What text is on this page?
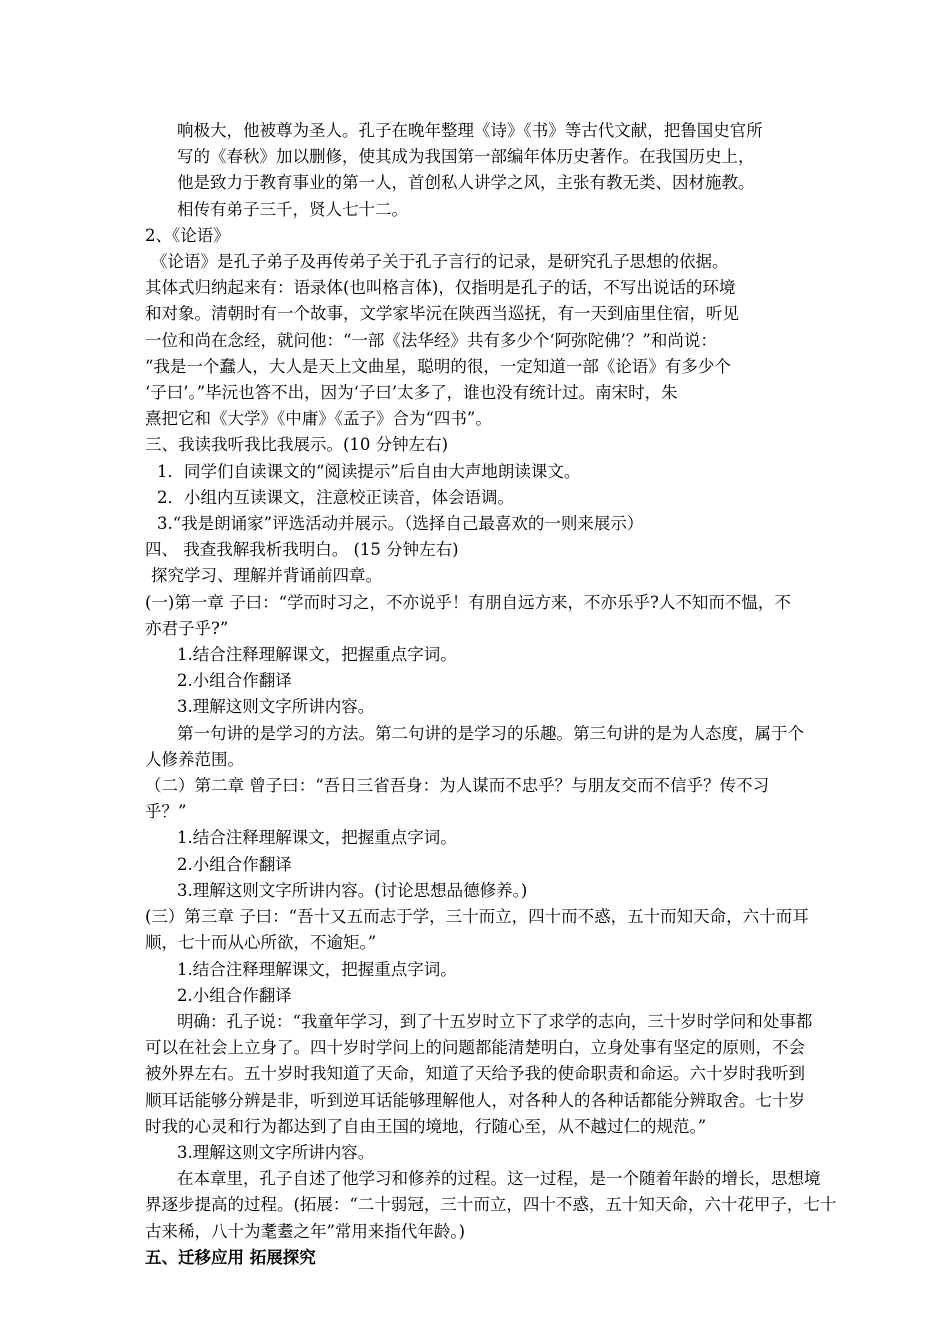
响极大，他被尊为圣人。孔子在晚年整理《诗》《书》等古代文献，把鲁国史官所

写的《春秋》加以删修，使其成为我国第一部编年体历史著作。在我国历史上，

他是致力于教育事业的第一人，首创私人讲学之风，主张有教无类、因材施教。

相传有弟子三千，贤人七十二。

2、《论语》

《论语》是孔子弟子及再传弟子关于孔子言行的记录，是研究孔子思想的依据。

其体式归纳起来有：语录体(也叫格言体)，仅指明是孔子的话，不写出说话的环境

和对象。清朝时有一个故事，文学家毕沅在陕西当巡抚，有一天到庙里住宿，听见

一位和尚在念经，就问他：“一部《法华经》共有多少个‘阿弥陀佛’？”和尚说：

“我是一个蠢人，大人是天上文曲星，聪明的很，一定知道一部《论语》有多少个

‘子曰’。”毕沅也答不出，因为‘子曰’太多了，谁也没有统计过。南宋时，朱

熹把它和《大学》《中庸》《孟子》合为“四书”。

三、我读我听我比我展示。(10 分钟左右)

1．同学们自读课文的“阅读提示”后自由大声地朗读课文。

2．小组内互读课文，注意校正读音，体会语调。

3.“我是朗诵家”评选活动并展示。（选择自己最喜欢的一则来展示）

四、 我查我解我析我明白。 (15 分钟左右)

探究学习、理解并背诵前四章。

(一)第一章 子曰：“学而时习之，不亦说乎！有朋自远方来，不亦乐乎?人不知而不愠，不

亦君子乎?”

1.结合注释理解课文，把握重点字词。

2.小组合作翻译

3.理解这则文字所讲内容。

第一句讲的是学习的方法。第二句讲的是学习的乐趣。第三句讲的是为人态度，属于个

人修养范围。

（二）第二章 曾子曰：“吾日三省吾身：为人谋而不忠乎？与朋友交而不信乎？传不习

乎？”

1.结合注释理解课文，把握重点字词。

2.小组合作翻译

3.理解这则文字所讲内容。(讨论思想品德修养。)

(三）第三章 子曰：“吾十又五而志于学，三十而立，四十而不惑，五十而知天命，六十而耳

顺，七十而从心所欲，不逾矩。”

1.结合注释理解课文，把握重点字词。

2.小组合作翻译

明确：孔子说：“我童年学习，到了十五岁时立下了求学的志向，三十岁时学问和处事都

可以在社会上立身了。四十岁时学问上的问题都能清楚明白，立身处事有坚定的原则，不会

被外界左右。五十岁时我知道了天命，知道了天给予我的使命职责和命运。六十岁时我听到

顺耳话能够分辨是非，听到逆耳话能够理解他人，对各种人的各种话都能分辨取舍。七十岁

时我的心灵和行为都达到了自由王国的境地，行随心至，从不越过仁的规范。”

3.理解这则文字所讲内容。

在本章里，孔子自述了他学习和修养的过程。这一过程，是一个随着年龄的增长，思想境

界逐步提高的过程。(拓展：“二十弱冠，三十而立，四十不惑，五十知天命，六十花甲子，七十

古来稀，八十为耄耋之年”常用来指代年龄。)

五、迁移应用 拓展探究
